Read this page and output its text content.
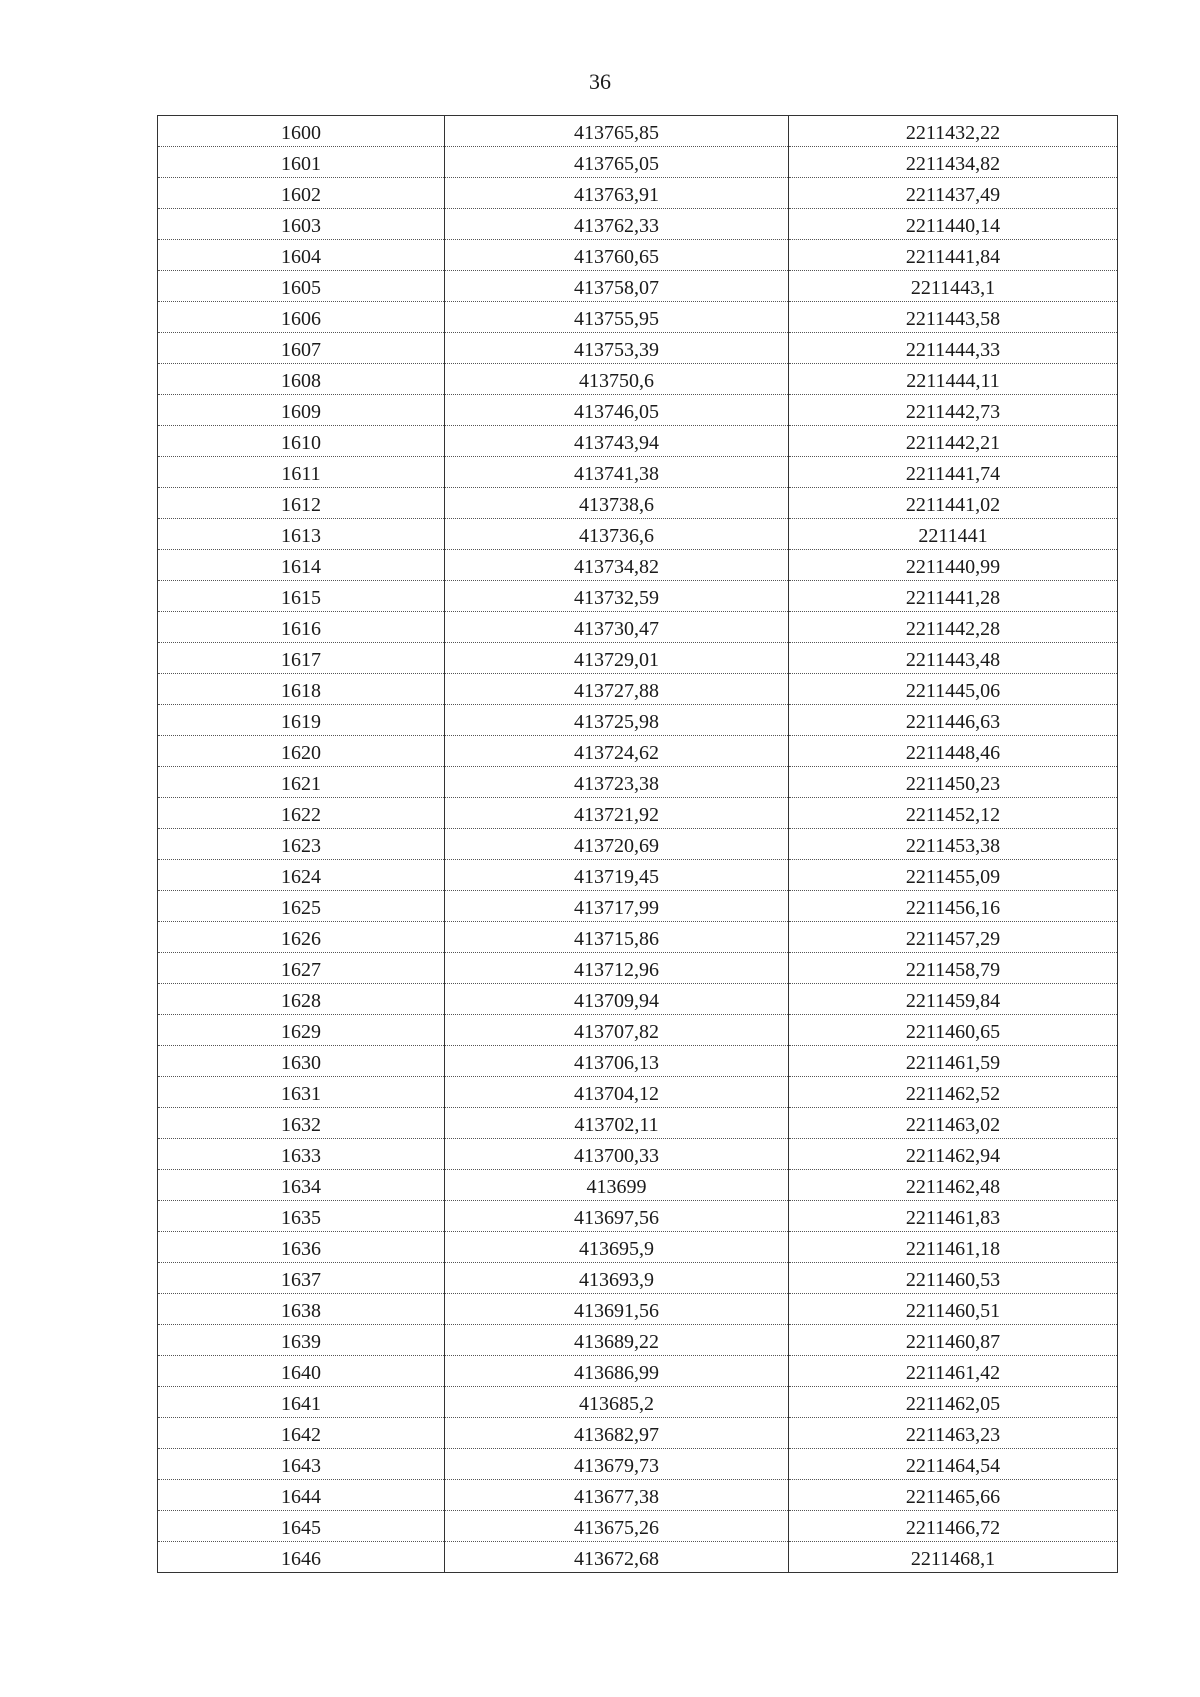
36
1600	413765,85	2211432,22
1601	413765,05	2211434,82
1602	413763,91	2211437,49
1603	413762,33	2211440,14
1604	413760,65	2211441,84
1605	413758,07	2211443,1
1606	413755,95	2211443,58
1607	413753,39	2211444,33
1608	413750,6	2211444,11
1609	413746,05	2211442,73
1610	413743,94	2211442,21
1611	413741,38	2211441,74
1612	413738,6	2211441,02
1613	413736,6	2211441
1614	413734,82	2211440,99
1615	413732,59	2211441,28
1616	413730,47	2211442,28
1617	413729,01	2211443,48
1618	413727,88	2211445,06
1619	413725,98	2211446,63
1620	413724,62	2211448,46
1621	413723,38	2211450,23
1622	413721,92	2211452,12
1623	413720,69	2211453,38
1624	413719,45	2211455,09
1625	413717,99	2211456,16
1626	413715,86	2211457,29
1627	413712,96	2211458,79
1628	413709,94	2211459,84
1629	413707,82	2211460,65
1630	413706,13	2211461,59
1631	413704,12	2211462,52
1632	413702,11	2211463,02
1633	413700,33	2211462,94
1634	413699	2211462,48
1635	413697,56	2211461,83
1636	413695,9	2211461,18
1637	413693,9	2211460,53
1638	413691,56	2211460,51
1639	413689,22	2211460,87
1640	413686,99	2211461,42
1641	413685,2	2211462,05
1642	413682,97	2211463,23
1643	413679,73	2211464,54
1644	413677,38	2211465,66
1645	413675,26	2211466,72
1646	413672,68	2211468,1
